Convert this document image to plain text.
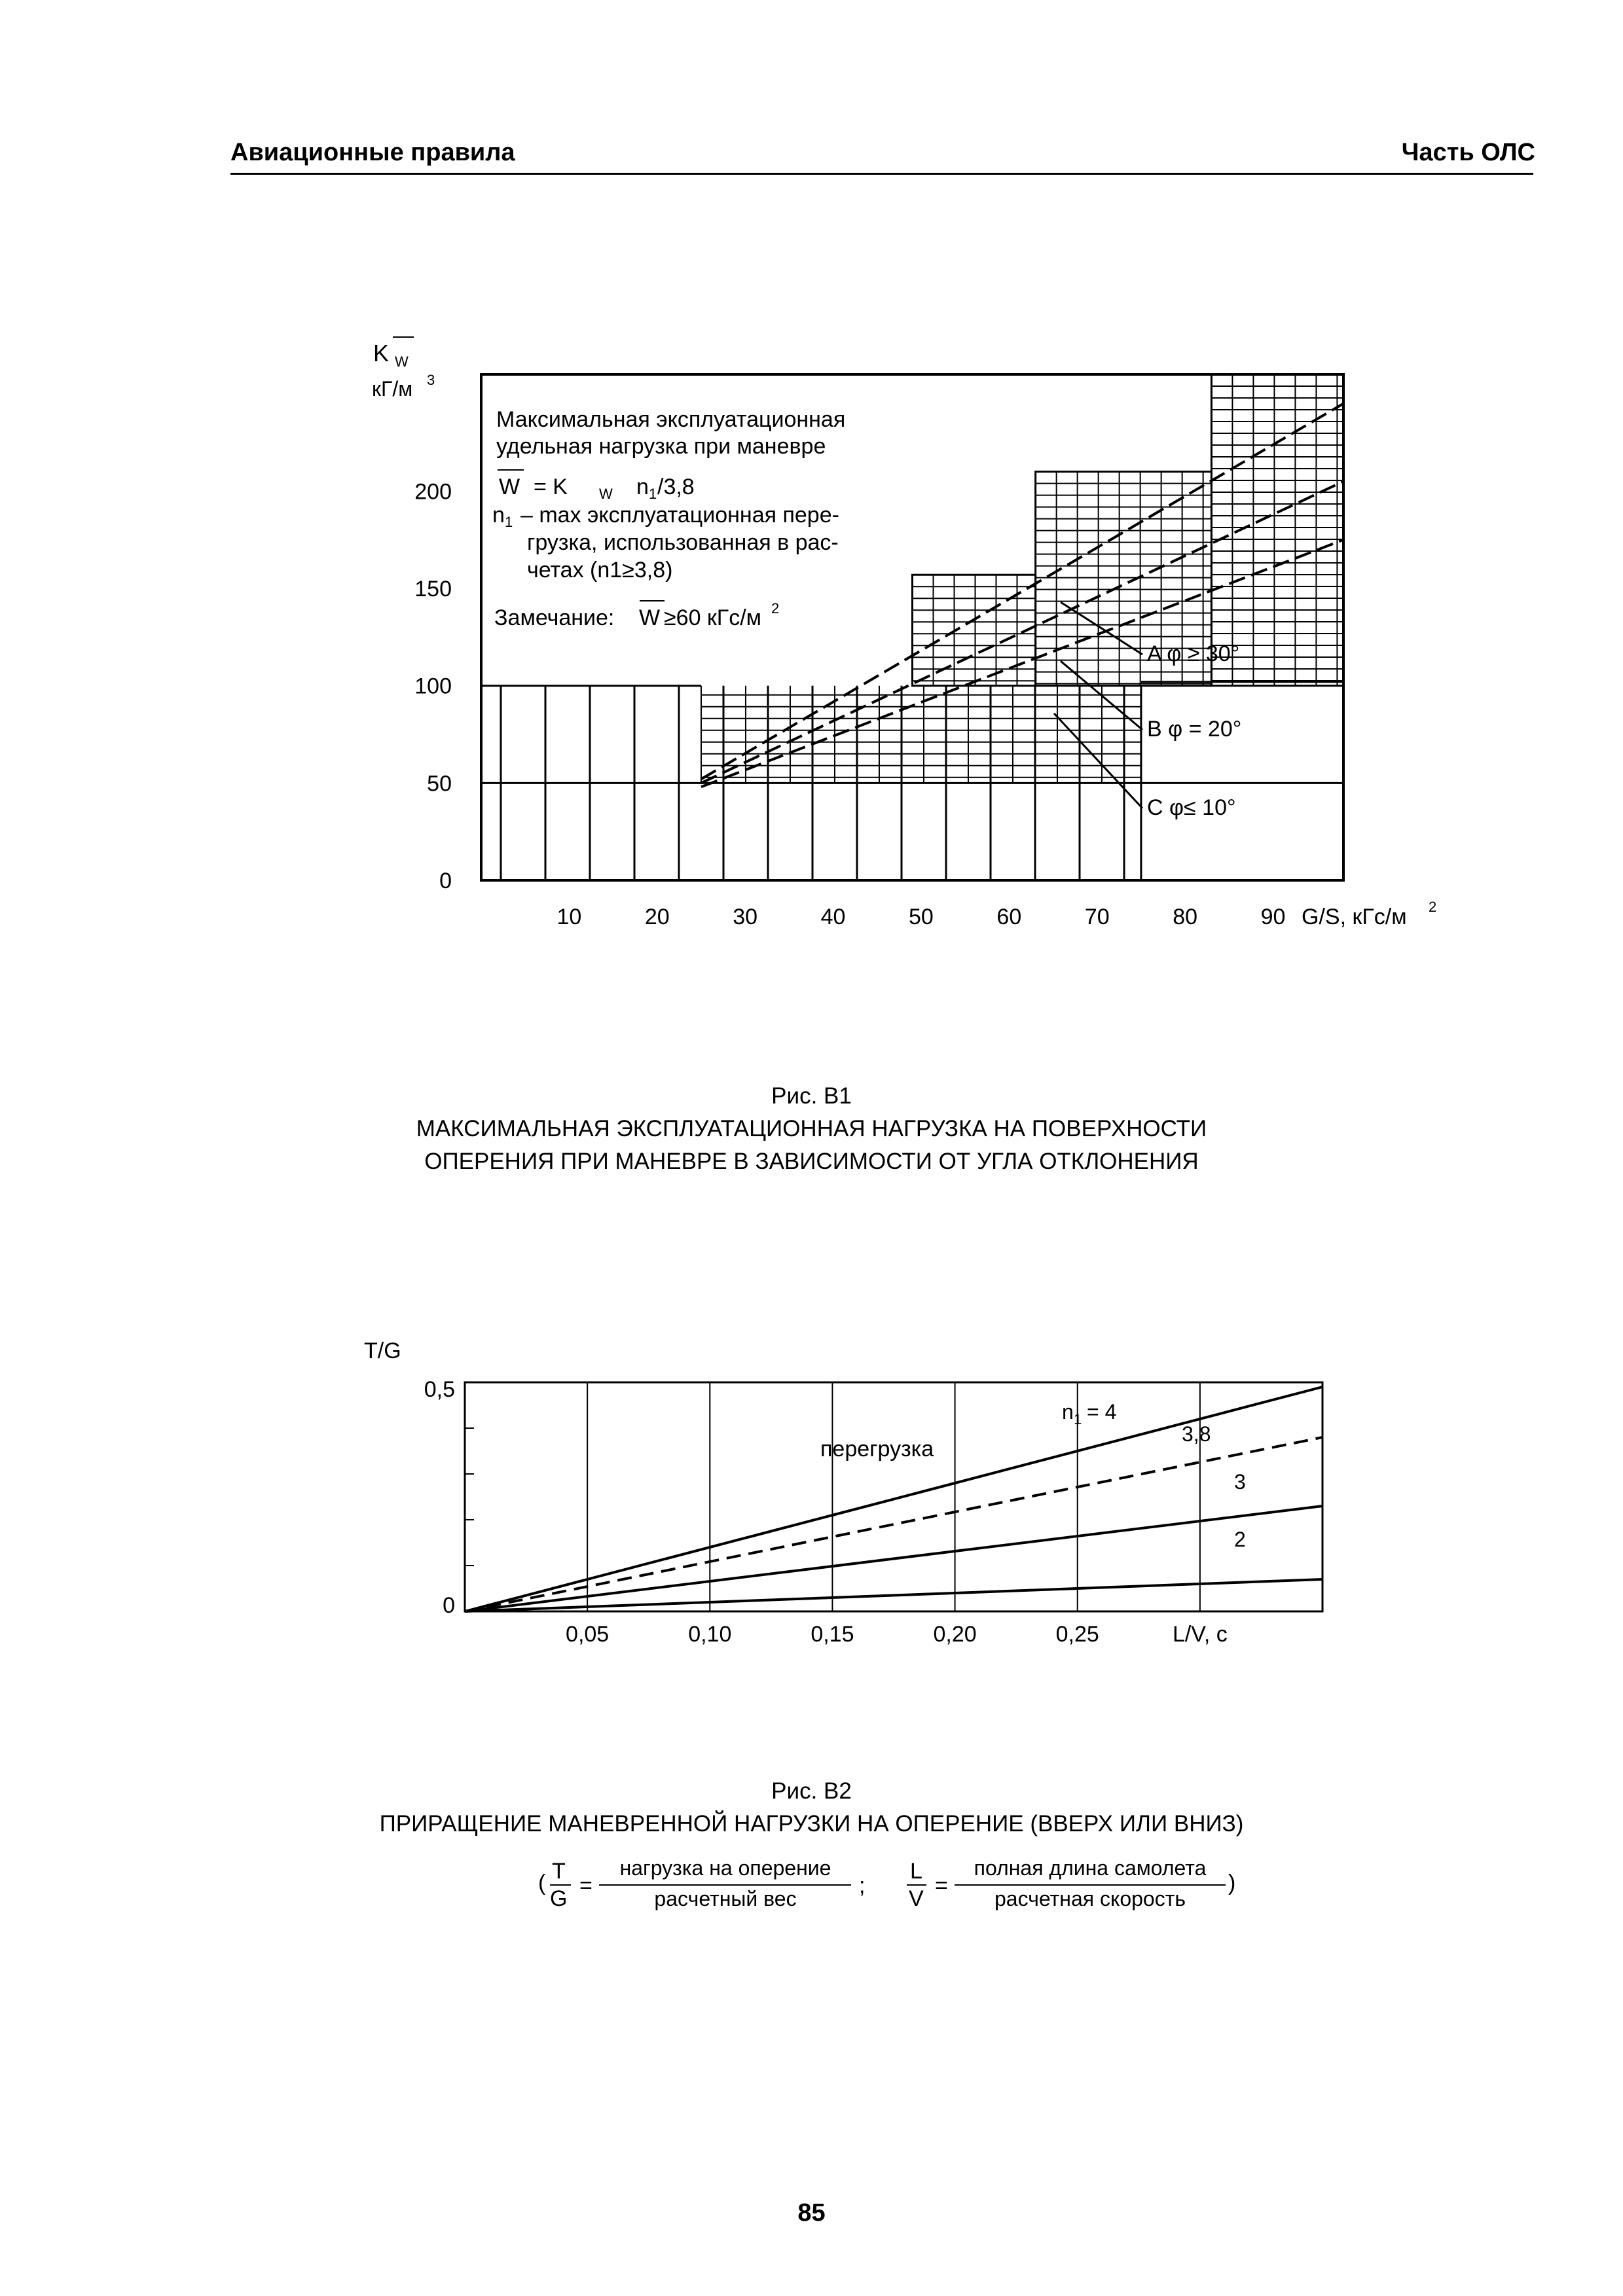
Авиационные правила	Часть ОЛС
10	20	30	40	50	60	70	80	90
0
50
100
150
200
0,05	0,10	0,15	0,20	0,25	L/V, с
0
0,5
K W
кГ/м 3
G/S, кГс/м 2
Максимальная эксплуатационная
удельная нагрузка при маневре
W = K W n 1 /3,8
n 1 – max эксплуатационная пере-
грузка, использованная в рас-
четах (n1≥3,8)
Замечание: W ≥60 кГс/м 2
A φ ≥ 30°
B φ = 20°
C φ≤ 10°
T/G
перегрузка
n 1 = 4
3,8
3
2
( T
G
=
нагрузка на оперение
расчетный вес
;
L
V
=
полная длина самолета
расчетная скорость
)
Рис. В1
МАКСИМАЛЬНАЯ ЭКСПЛУАТАЦИОННАЯ НАГРУЗКА НА ПОВЕРХНОСТИ
ОПЕРЕНИЯ ПРИ МАНЕВРЕ В ЗАВИСИМОСТИ ОТ УГЛА ОТКЛОНЕНИЯ
Рис. В2
ПРИРАЩЕНИЕ МАНЕВРЕННОЙ НАГРУЗКИ НА ОПЕРЕНИЕ (ВВЕРХ ИЛИ ВНИЗ)
85
